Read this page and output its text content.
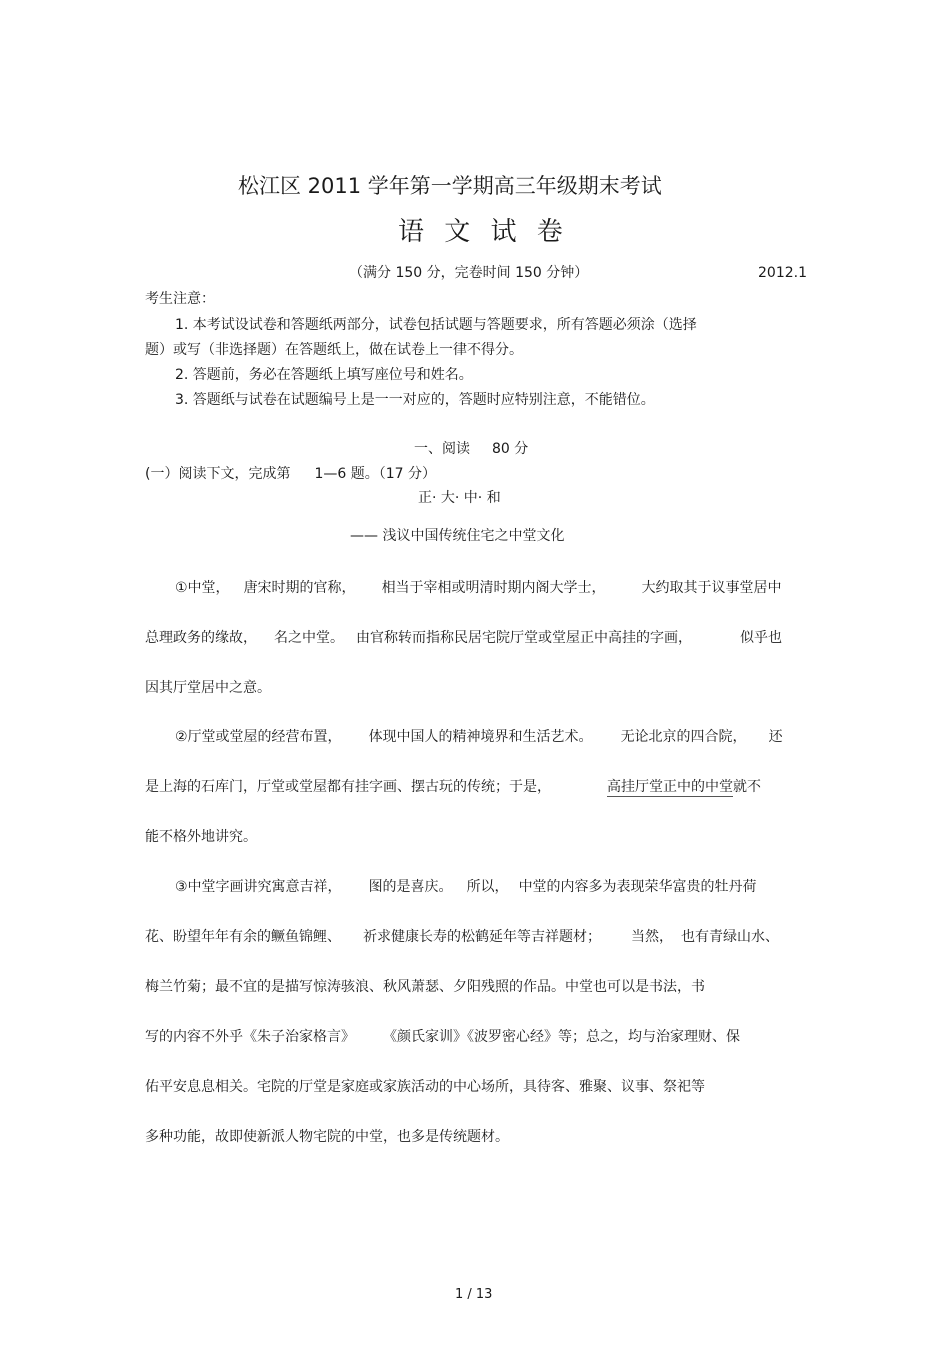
松江区 2011 学年第一学期高三年级期末考试
语 文 试 卷
（满分 150 分，完卷时间 150 分钟）	2012.1
考生注意：
1. 本考试设试卷和答题纸两部分，试卷包括试题与答题要求，所有答题必须涂（选择
题）或写（非选择题）在答题纸上，做在试卷上一律不得分。
2. 答题前，务必在答题纸上填写座位号和姓名。
3. 答题纸与试卷在试题编号上是一一对应的，答题时应特别注意，不能错位。
一、阅读 80 分
(一）阅读下文，完成第 1—6 题。（17 分）
正· 大· 中· 和
—— 浅议中国传统住宅之中堂文化
①中堂， 唐宋时期的官称， 相当于宰相或明清时期内阁大学士，	大约取其于议事堂居中
总理政务的缘故， 名之中堂。 由官称转而指称民居宅院厅堂或堂屋正中高挂的字画，	似乎也
因其厅堂居中之意。
②厅堂或堂屋的经营布置， 体现中国人的精神境界和生活艺术。 无论北京的四合院， 还
是上海的石库门，厅堂或堂屋都有挂字画、摆古玩的传统；于是，	高挂厅堂正中的中堂就不
能不格外地讲究。
③中堂字画讲究寓意吉祥， 图的是喜庆。 所以， 中堂的内容多为表现荣华富贵的牡丹荷
花、盼望年年有余的鳜鱼锦鲤、 祈求健康长寿的松鹤延年等吉祥题材； 当然， 也有青绿山水、
梅兰竹菊；最不宜的是描写惊涛骇浪、秋风萧瑟、夕阳残照的作品。中堂也可以是书法，书
写的内容不外乎《朱子治家格言》 《颜氏家训》《波罗密心经》等；总之，均与治家理财、保
佑平安息息相关。宅院的厅堂是家庭或家族活动的中心场所，具待客、雅聚、议事、祭祀等
多种功能，故即使新派人物宅院的中堂，也多是传统题材。
1 / 13
